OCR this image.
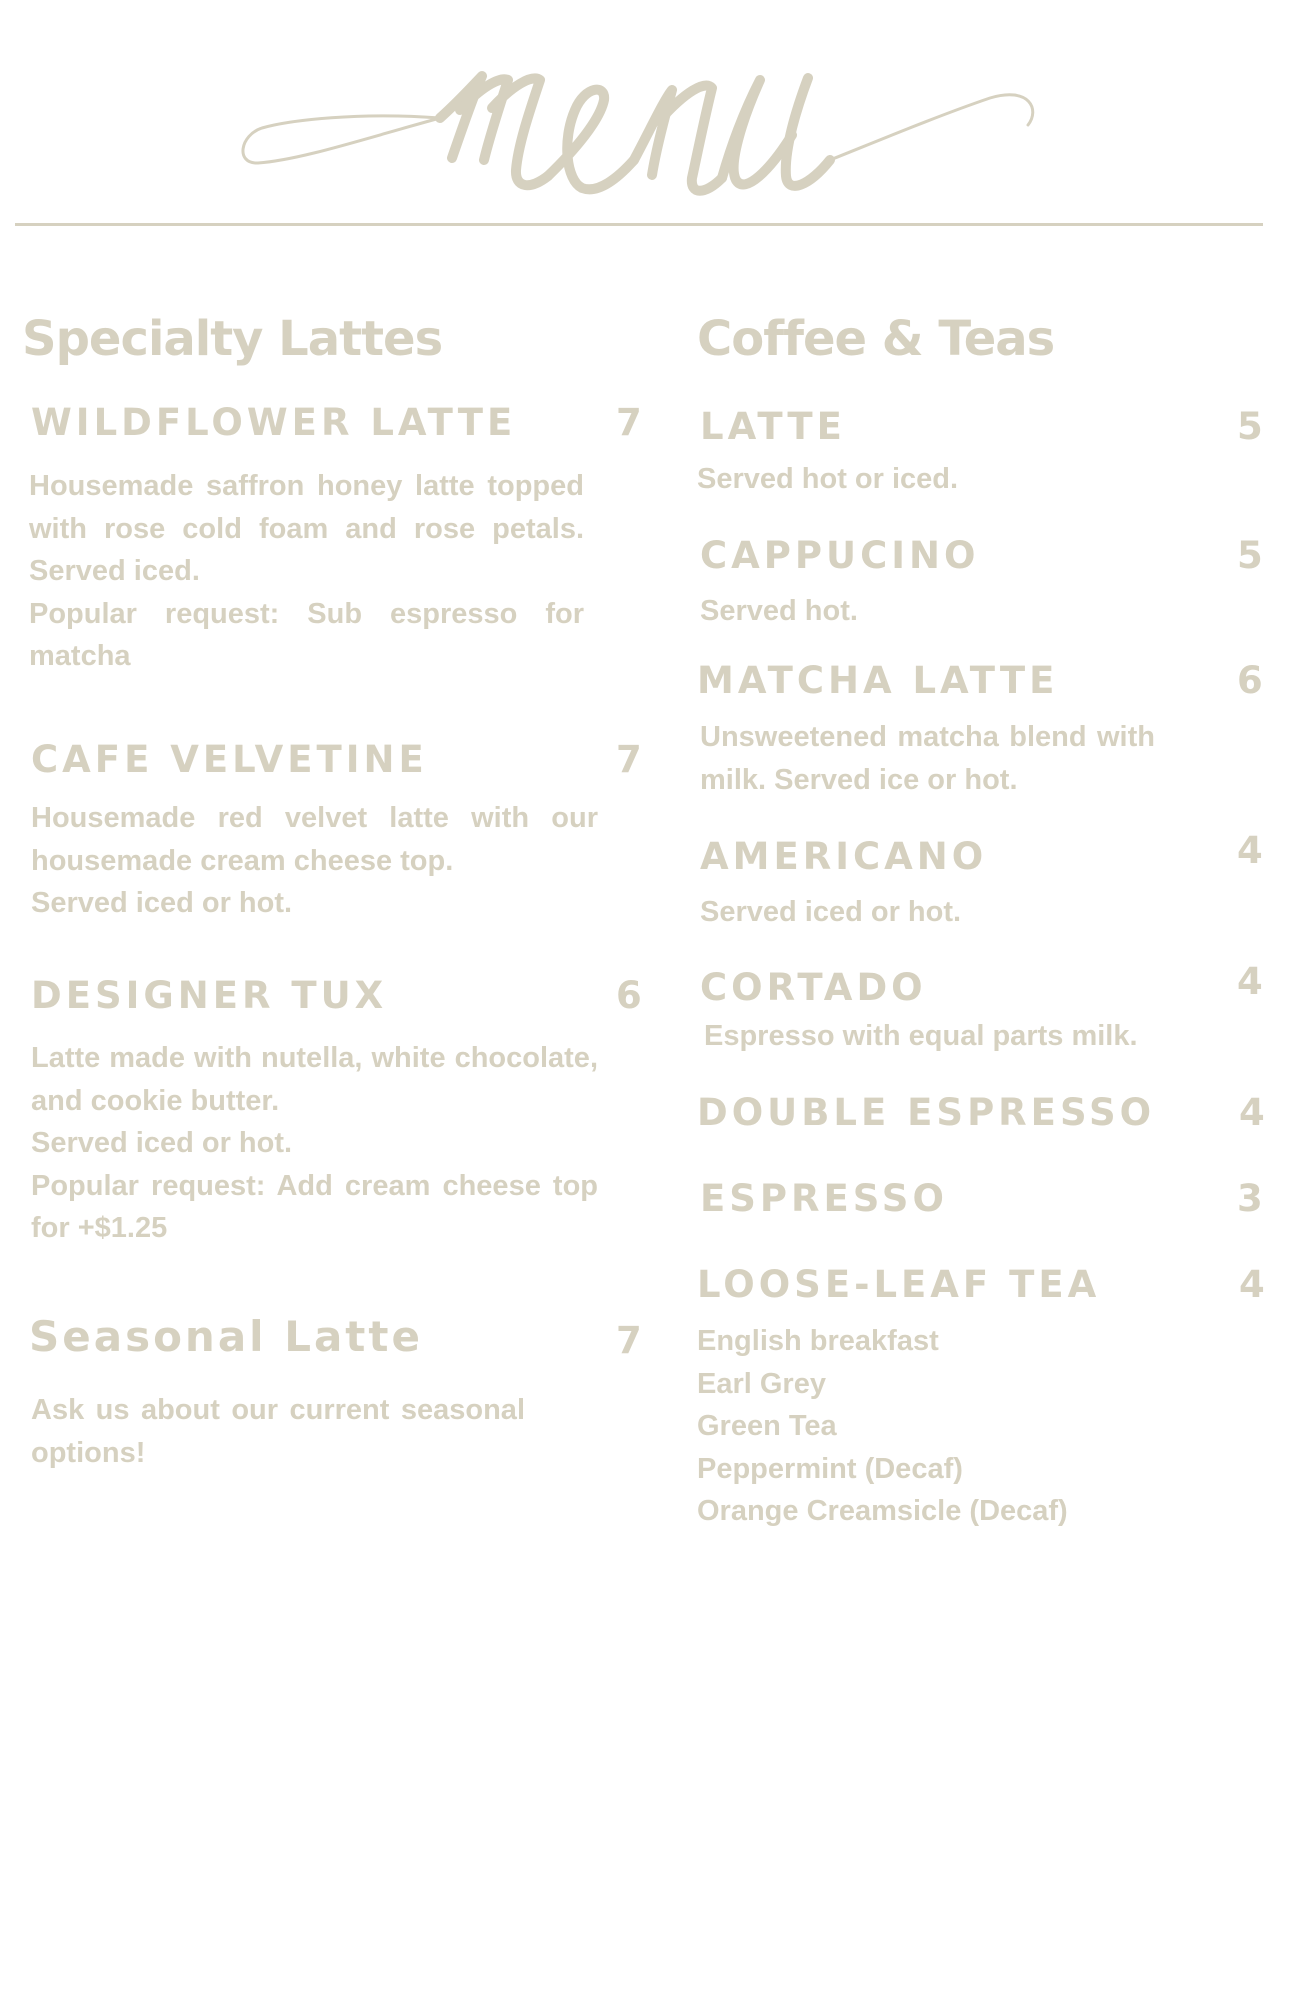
Specialty Lattes
WILDFLOWER LATTE	7

Housemade saffron honey latte topped with rose cold foam and rose petals. Served iced.

Popular request: Sub espresso for matcha

CAFE VELVETINE	7

Housemade red velvet latte with our housemade cream cheese top.

Served iced or hot.

DESIGNER TUX	6

Latte made with nutella, white chocolate, and cookie butter.

Served iced or hot.

Popular request: Add cream cheese top for +$1.25

Seasonal Latte	7

Ask us about our current seasonal options!

Coffee & Teas
LATTE	5
Served hot or iced.
CAPPUCINO	5
Served hot.
MATCHA LATTE	6
Unsweetened matcha blend with milk. Served ice or hot.
AMERICANO	4
Served iced or hot.
CORTADO	4
Espresso with equal parts milk.
DOUBLE ESPRESSO 4
ESPRESSO	3
LOOSE-LEAF TEA	4
English breakfast
Earl Grey
Green Tea
Peppermint (Decaf)
Orange Creamsicle (Decaf)
